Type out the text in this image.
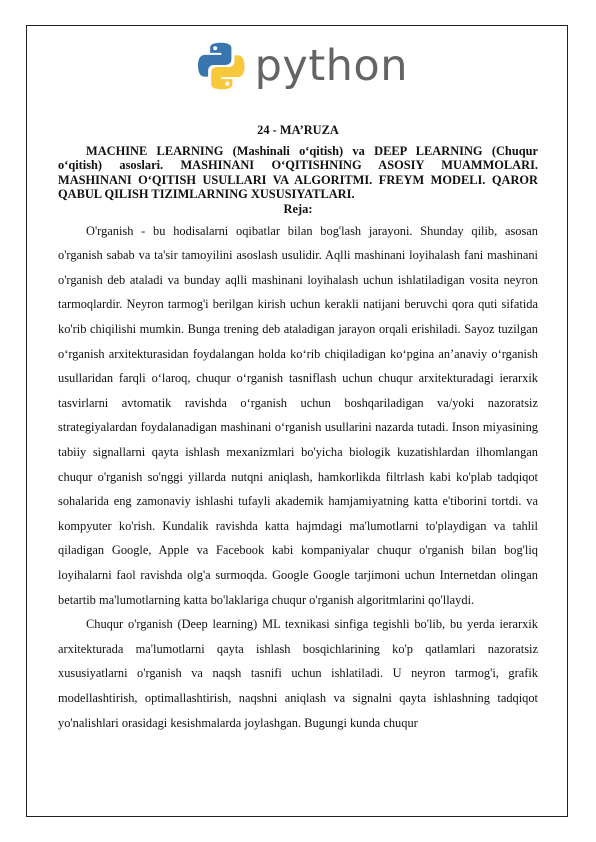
python

24 - MA’RUZA

MACHINE LEARNING (Mashinali o‘qitish) va DEEP LEARNING (Chuqur o‘qitish) asoslari. MASHINANI O‘QITISHNING ASOSIY MUAMMOLARI. MASHINANI O‘QITISH USULLARI VA ALGORITMI. FREYM MODELI. QAROR QABUL QILISH TIZIMLARNING XUSUSIYATLARI.

Reja:

O'rganish - bu hodisalarni oqibatlar bilan bog'lash jarayoni. Shunday qilib, asosan o'rganish sabab va ta'sir tamoyilini asoslash usulidir. Aqlli mashinani loyihalash fani mashinani o'rganish deb ataladi va bunday aqlli mashinani loyihalash uchun ishlatiladigan vosita neyron tarmoqlardir. Neyron tarmog'i berilgan kirish uchun kerakli natijani beruvchi qora quti sifatida ko'rib chiqilishi mumkin. Bunga trening deb ataladigan jarayon orqali erishiladi. Sayoz tuzilgan o‘rganish arxitekturasidan foydalangan holda ko‘rib chiqiladigan ko‘pgina an’anaviy o‘rganish usullaridan farqli o‘laroq, chuqur o‘rganish tasniflash uchun chuqur arxitekturadagi ierarxik tasvirlarni avtomatik ravishda o‘rganish uchun boshqariladigan va/yoki nazoratsiz strategiyalardan foydalanadigan mashinani o‘rganish usullarini nazarda tutadi. Inson miyasining tabiiy signallarni qayta ishlash mexanizmlari bo'yicha biologik kuzatishlardan ilhomlangan chuqur o'rganish so'nggi yillarda nutqni aniqlash, hamkorlikda filtrlash kabi ko'plab tadqiqot sohalarida eng zamonaviy ishlashi tufayli akademik hamjamiyatning katta e'tiborini tortdi. va kompyuter ko'rish. Kundalik ravishda katta hajmdagi ma'lumotlarni to'playdigan va tahlil qiladigan Google, Apple va Facebook kabi kompaniyalar chuqur o'rganish bilan bog'liq loyihalarni faol ravishda olg'a surmoqda. Google Google tarjimoni uchun Internetdan olingan betartib ma'lumotlarning katta bo'laklariga chuqur o'rganish algoritmlarini qo'llaydi.

Chuqur o'rganish (Deep learning) ML texnikasi sinfiga tegishli bo'lib, bu yerda ierarxik arxitekturada ma'lumotlarni qayta ishlash bosqichlarining ko'p qatlamlari nazoratsiz xususiyatlarni o'rganish va naqsh tasnifi uchun ishlatiladi. U neyron tarmog'i, grafik modellashtirish, optimallashtirish, naqshni aniqlash va signalni qayta ishlashning tadqiqot yo'nalishlari orasidagi kesishmalarda joylashgan. Bugungi kunda chuqur
